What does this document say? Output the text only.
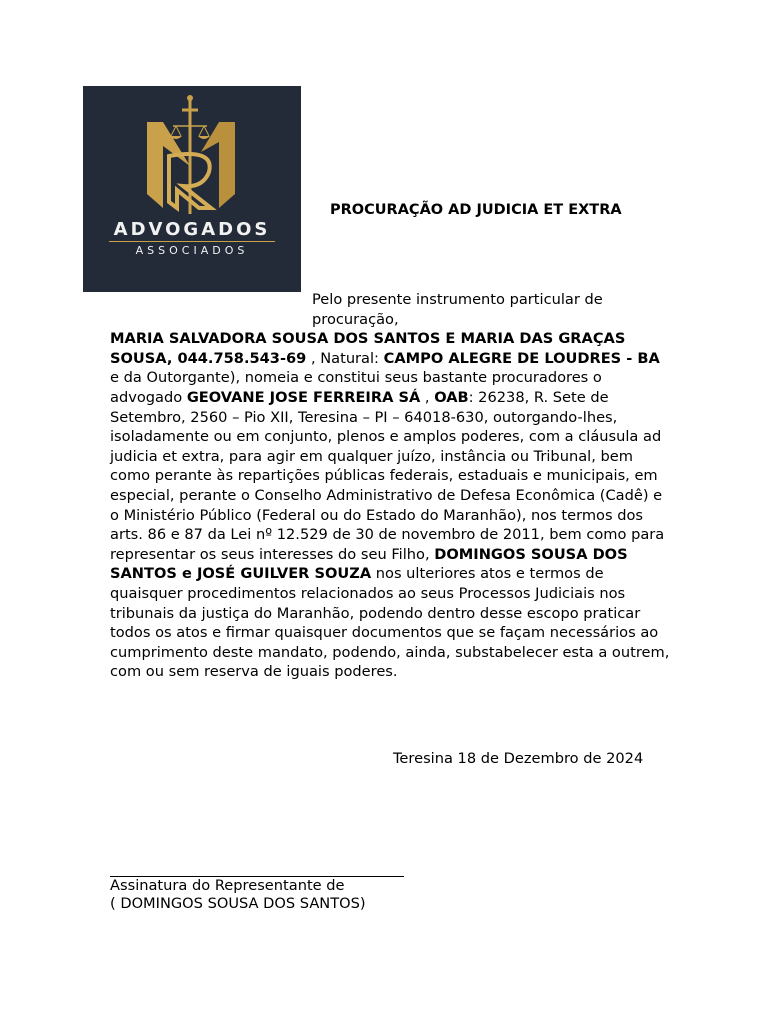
ADVOGADOS
ASSOCIADOS
PROCURAÇÃO AD JUDICIA ET EXTRA
Pelo presente instrumento particular de procuração,
MARIA SALVADORA SOUSA DOS SANTOS E MARIA DAS GRAÇAS SOUSA, 044.758.543-69 , Natural: CAMPO ALEGRE DE LOUDRES - BA e da Outorgante), nomeia e constitui seus bastante procuradores o advogado GEOVANE JOSE FERREIRA SÁ , OAB: 26238, R. Sete de Setembro, 2560 – Pio XII, Teresina – PI – 64018-630, outorgando-lhes, isoladamente ou em conjunto, plenos e amplos poderes, com a cláusula ad judicia et extra, para agir em qualquer juízo, instância ou Tribunal, bem como perante às repartições públicas federais, estaduais e municipais, em especial, perante o Conselho Administrativo de Defesa Econômica (Cadê) e o Ministério Público (Federal ou do Estado do Maranhão), nos termos dos arts. 86 e 87 da Lei nº 12.529 de 30 de novembro de 2011, bem como para representar os seus interesses do seu Filho, DOMINGOS SOUSA DOS SANTOS e JOSÉ GUILVER SOUZA nos ulteriores atos e termos de quaisquer procedimentos relacionados ao seus Processos Judiciais nos tribunais da justiça do Maranhão, podendo dentro desse escopo praticar todos os atos e firmar quaisquer documentos que se façam necessários ao cumprimento deste mandato, podendo, ainda, substabelecer esta a outrem, com ou sem reserva de iguais poderes.
Teresina 18 de Dezembro de 2024
Assinatura do Representante de
( DOMINGOS SOUSA DOS SANTOS)
